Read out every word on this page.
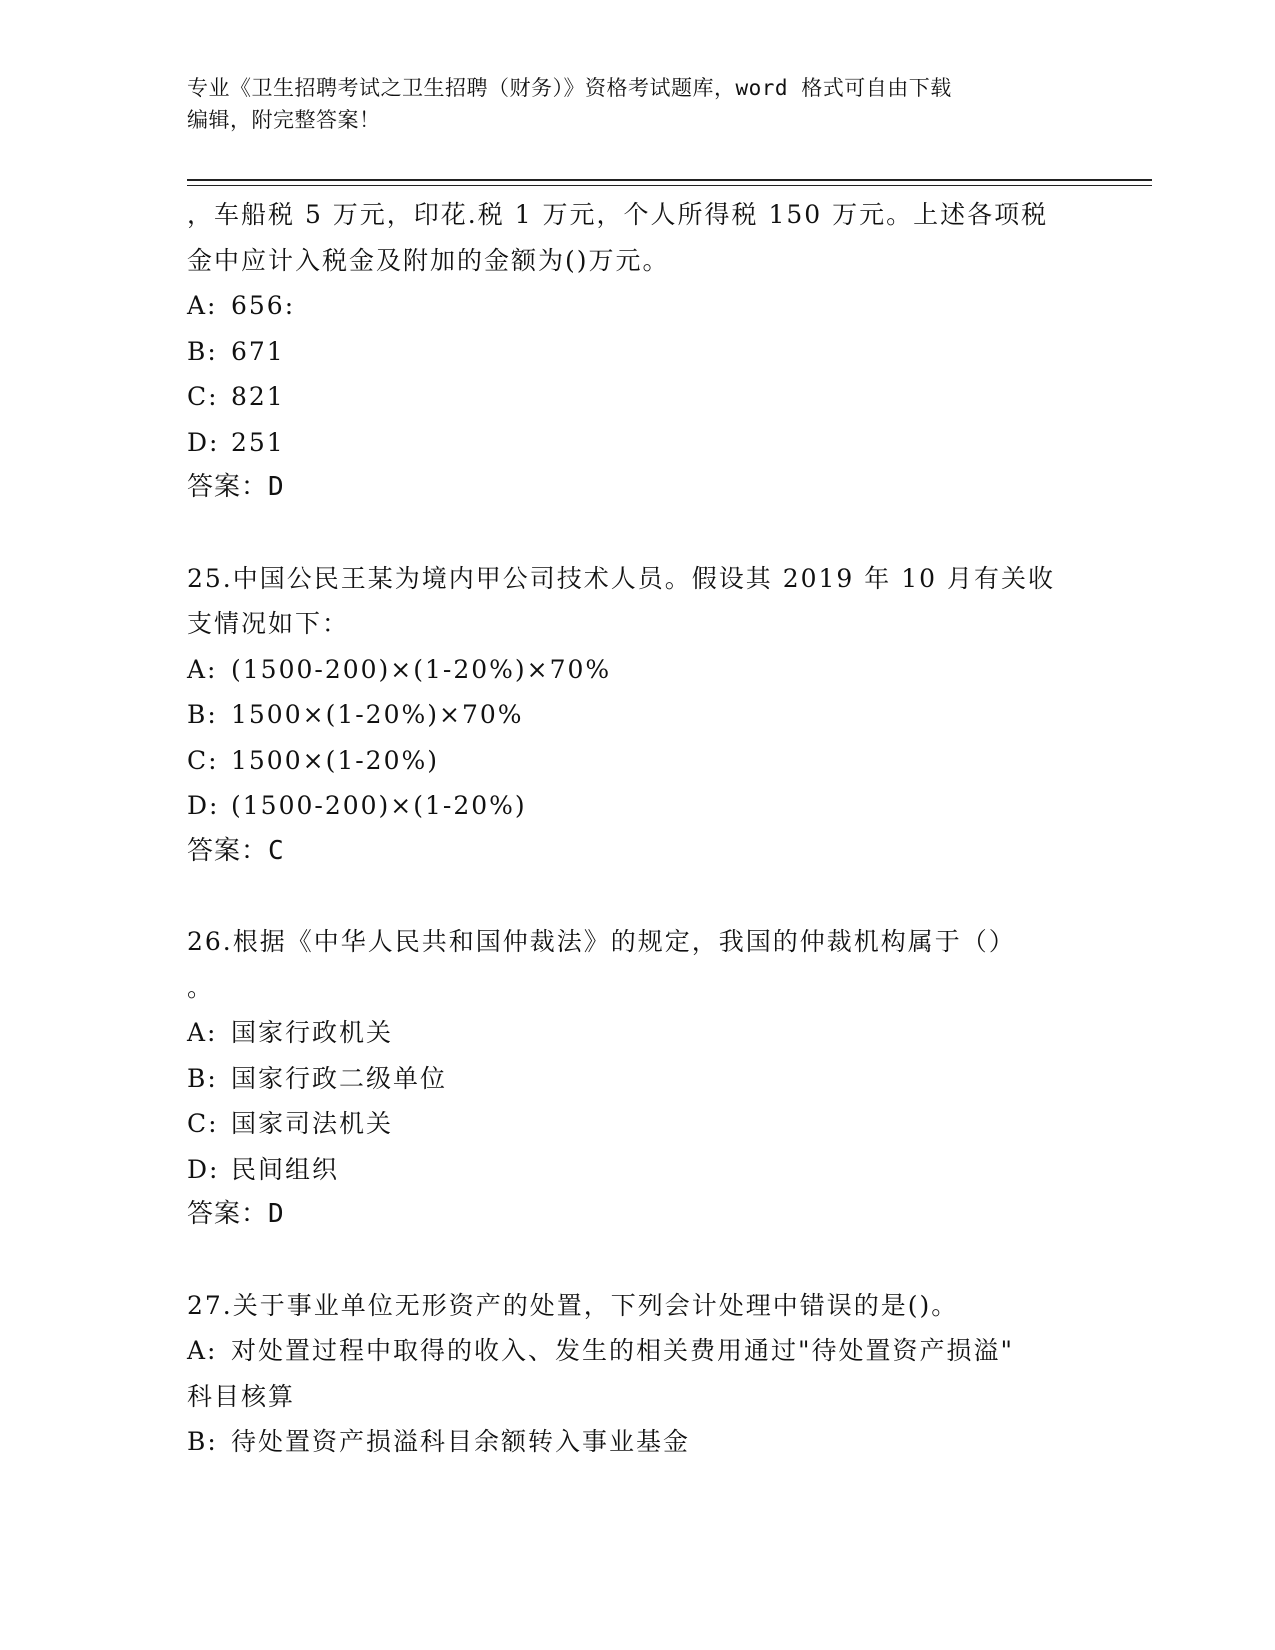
专业《卫生招聘考试之卫生招聘（财务）》资格考试题库，word 格式可自由下载
编辑，附完整答案！
，车船税 5 万元，印花.税 1 万元，个人所得税 150 万元。上述各项税
金中应计入税金及附加的金额为()万元。
A: 656:
B: 671
C: 821
D: 251
答案：D
25.中国公民王某为境内甲公司技术人员。假设其 2019 年 10 月有关收
支情况如下：
A: (1500-200)×(1-20%)×70%
B: 1500×(1-20%)×70%
C: 1500×(1-20%)
D: (1500-200)×(1-20%)
答案：C
26.根据《中华人民共和国仲裁法》的规定，我国的仲裁机构属于（）
。
A: 国家行政机关
B: 国家行政二级单位
C: 国家司法机关
D: 民间组织
答案：D
27.关于事业单位无形资产的处置，下列会计处理中错误的是()。
A: 对处置过程中取得的收入、发生的相关费用通过"待处置资产损溢"
科目核算
B: 待处置资产损溢科目余额转入事业基金
